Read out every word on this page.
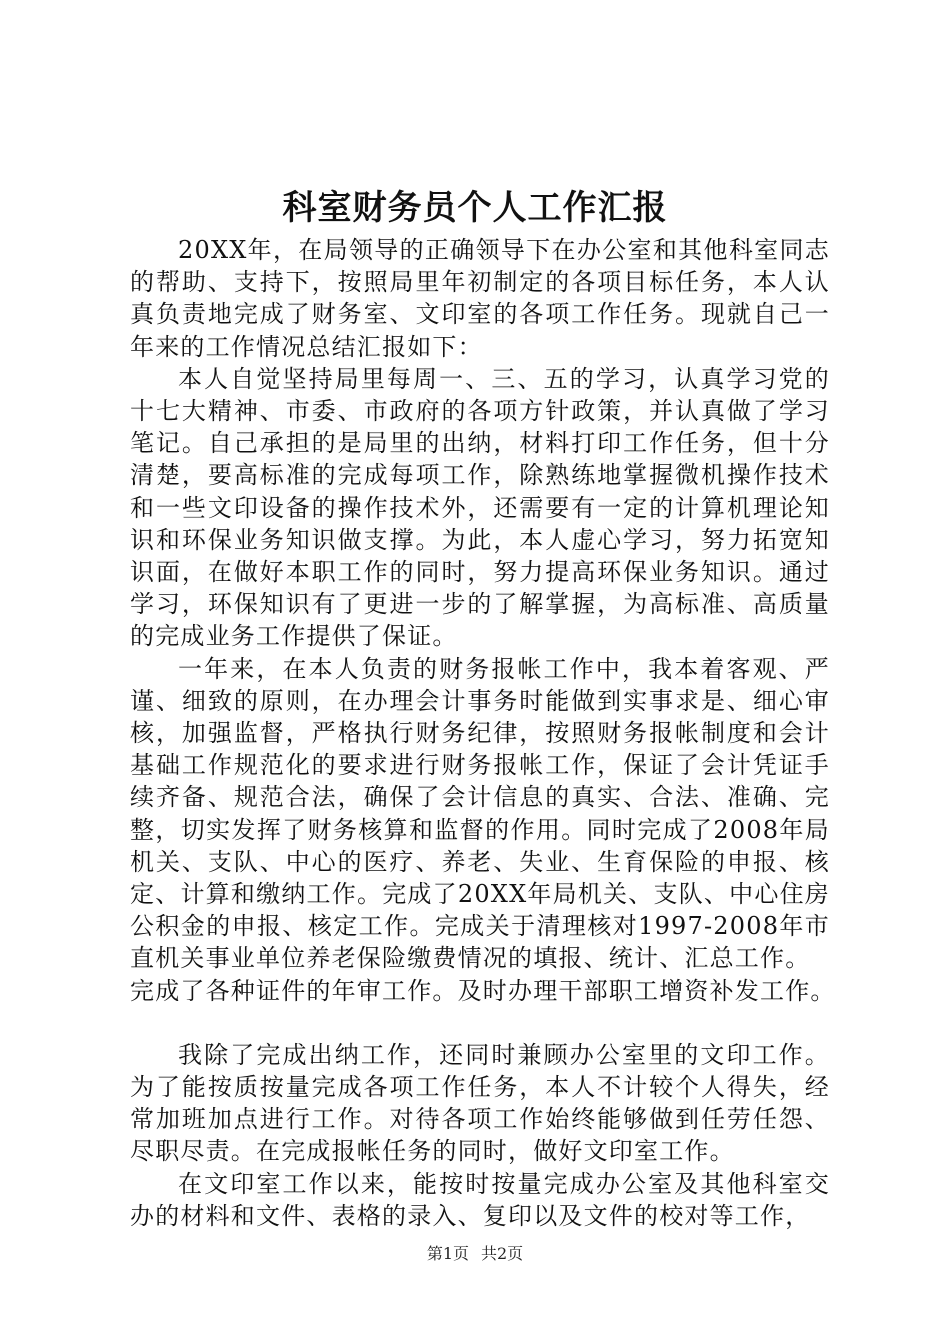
科室财务员个人工作汇报

20XX年，在局领导的正确领导下在办公室和其他科室同志的帮助、支持下，按照局里年初制定的各项目标任务，本人认真负责地完成了财务室、文印室的各项工作任务。现就自己一年来的工作情况总结汇报如下：

本人自觉坚持局里每周一、三、五的学习，认真学习党的十七大精神、市委、市政府的各项方针政策，并认真做了学习笔记。自己承担的是局里的出纳，材料打印工作任务，但十分清楚，要高标准的完成每项工作，除熟练地掌握微机操作技术和一些文印设备的操作技术外，还需要有一定的计算机理论知识和环保业务知识做支撑。为此，本人虚心学习，努力拓宽知识面，在做好本职工作的同时，努力提高环保业务知识。通过学习，环保知识有了更进一步的了解掌握，为高标准、高质量的完成业务工作提供了保证。

一年来，在本人负责的财务报帐工作中，我本着客观、严谨、细致的原则，在办理会计事务时能做到实事求是、细心审核，加强监督，严格执行财务纪律，按照财务报帐制度和会计基础工作规范化的要求进行财务报帐工作，保证了会计凭证手续齐备、规范合法，确保了会计信息的真实、合法、准确、完整，切实发挥了财务核算和监督的作用。同时完成了2008年局机关、支队、中心的医疗、养老、失业、生育保险的申报、核定、计算和缴纳工作。完成了20XX年局机关、支队、中心住房公积金的申报、核定工作。完成关于清理核对1997-2008年市直机关事业单位养老保险缴费情况的填报、统计、汇总工作。

完成了各种证件的年审工作。及时办理干部职工增资补发工作。

我除了完成出纳工作，还同时兼顾办公室里的文印工作。为了能按质按量完成各项工作任务，本人不计较个人得失，经常加班加点进行工作。对待各项工作始终能够做到任劳任怨、尽职尽责。在完成报帐任务的同时，做好文印室工作。

在文印室工作以来，能按时按量完成办公室及其他科室交办的材料和文件、表格的录入、复印以及文件的校对等工作，

第1页 共2页
